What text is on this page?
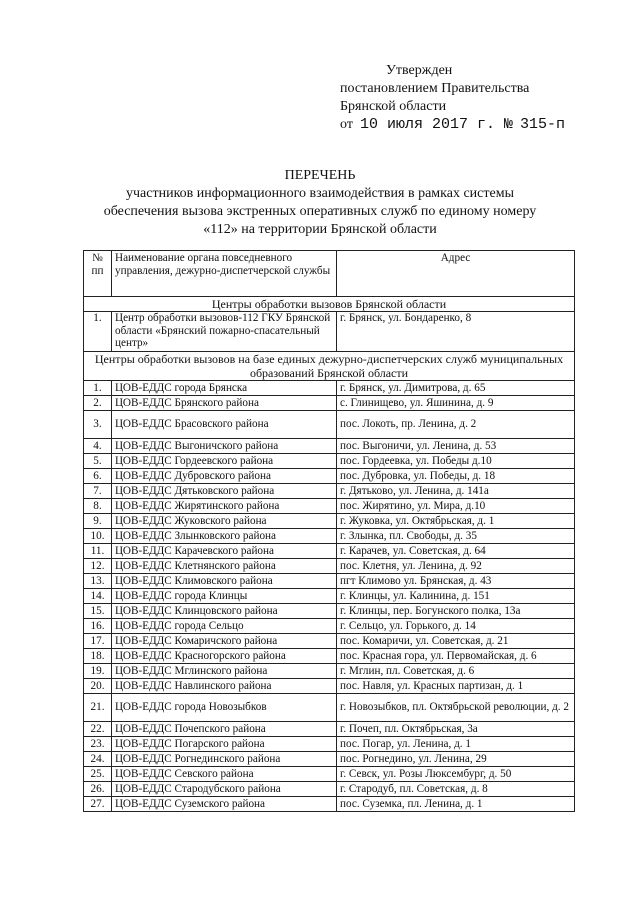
Утвержден
постановлением Правительства
Брянской области
от 10 июля 2017 г. № 315-п
ПЕРЕЧЕНЬ
участников информационного взаимодействия в рамках системы
обеспечения вызова экстренных оперативных служб по единому номеру
«112» на территории Брянской области
№ пп	Наименование органа повседневного управления, дежурно-диспетчерской службы	Адрес
Центры обработки вызовов Брянской области		
1.	Центр обработки вызовов-112 ГКУ Брянской области «Брянский пожарно-спасательный центр»	г. Брянск, ул. Бондаренко, 8
Центры обработки вызовов на базе единых дежурно-диспетчерских служб муниципальных образований Брянской области		
1.	ЦОВ-ЕДДС города Брянска	г. Брянск, ул. Димитрова, д. 65
2.	ЦОВ-ЕДДС Брянского района	с. Глинищево, ул. Яшинина, д. 9
3.	ЦОВ-ЕДДС Брасовского района	пос. Локоть, пр. Ленина, д. 2
4.	ЦОВ-ЕДДС Выгоничского района	пос. Выгоничи, ул. Ленина, д. 53
5.	ЦОВ-ЕДДС Гордеевского района	пос. Гордеевка, ул. Победы д.10
6.	ЦОВ-ЕДДС Дубровского района	пос. Дубровка, ул. Победы, д. 18
7.	ЦОВ-ЕДДС Дятьковского района	г. Дятьково, ул. Ленина, д. 141а
8.	ЦОВ-ЕДДС Жирятинского района	пос. Жирятино, ул. Мира, д.10
9.	ЦОВ-ЕДДС Жуковского района	г. Жуковка, ул. Октябрьская, д. 1
10.	ЦОВ-ЕДДС Злынковского района	г. Злынка, пл. Свободы, д. 35
11.	ЦОВ-ЕДДС Карачевского района	г. Карачев, ул. Советская, д. 64
12.	ЦОВ-ЕДДС Клетнянского района	пос. Клетня, ул. Ленина, д. 92
13.	ЦОВ-ЕДДС Климовского района	пгт Климово ул. Брянская, д. 43
14.	ЦОВ-ЕДДС города Клинцы	г. Клинцы, ул. Калинина, д. 151
15.	ЦОВ-ЕДДС Клинцовского района	г. Клинцы, пер. Богунского полка, 13а
16.	ЦОВ-ЕДДС города Сельцо	г. Сельцо, ул. Горького, д. 14
17.	ЦОВ-ЕДДС Комаричского района	пос. Комаричи, ул. Советская, д. 21
18.	ЦОВ-ЕДДС Красногорского района	пос. Красная гора, ул. Первомайская, д. 6
19.	ЦОВ-ЕДДС Мглинского района	г. Мглин, пл. Советская, д. 6
20.	ЦОВ-ЕДДС Навлинского района	пос. Навля, ул. Красных партизан, д. 1
21.	ЦОВ-ЕДДС города Новозыбков	г. Новозыбков, пл. Октябрьской революции, д. 2
22.	ЦОВ-ЕДДС Почепского района	г. Почеп, пл. Октябрьская, 3а
23.	ЦОВ-ЕДДС Погарского района	пос. Погар, ул. Ленина, д. 1
24.	ЦОВ-ЕДДС Рогнединского района	пос. Рогнедино, ул. Ленина, 29
25.	ЦОВ-ЕДДС Севского района	г. Севск, ул. Розы Люксембург, д. 50
26.	ЦОВ-ЕДДС Стародубского района	г. Стародуб, пл. Советская, д. 8
27.	ЦОВ-ЕДДС Суземского района	пос. Суземка, пл. Ленина, д. 1
